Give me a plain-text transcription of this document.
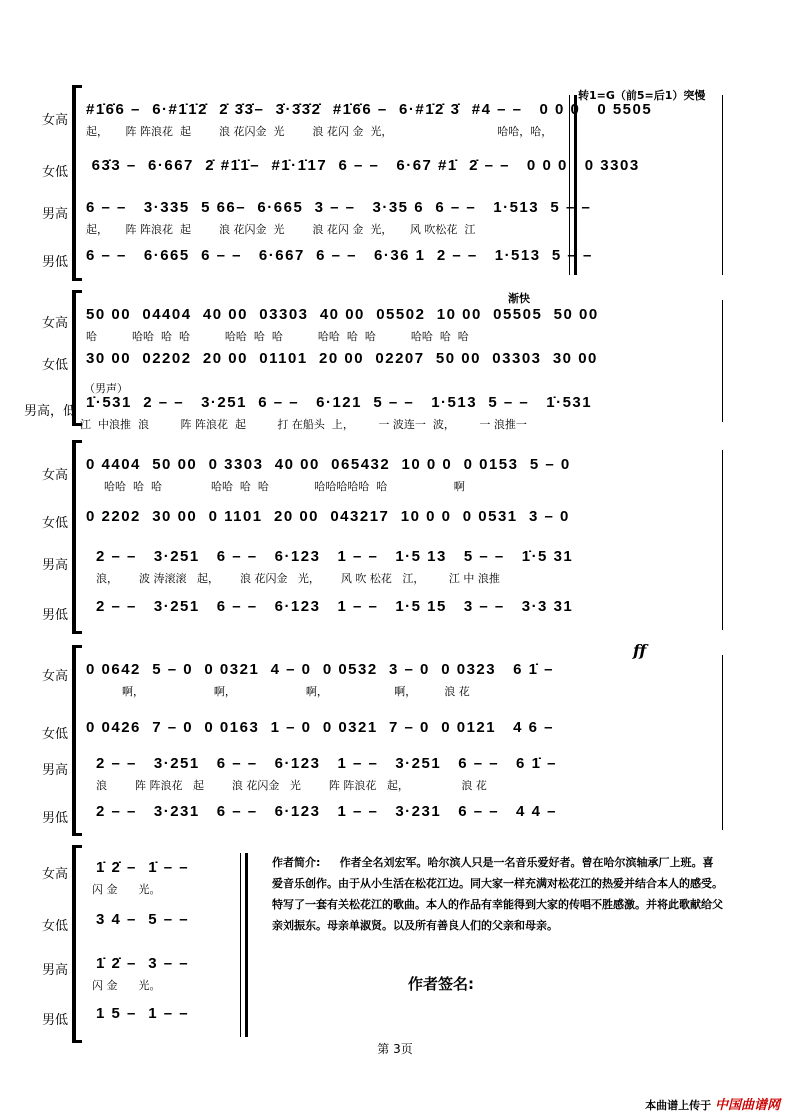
女高
#1̇6̇6 –  6·#1̇1̇2̇  2̇ 3̇3̇–  3̇·3̇3̇2̇  #1̇6̇6 –  6·#1̇2̇ 3̇  #4 – –   0 0 0   0 5505
起，     阵 阵浪花  起        浪 花闪金  光        浪 花闪 金  光，                              哈哈，哈，
女低 63̇3 –  6·667  2̇ #1̇1̇–  #1̇·1̇17  6 – –   6·67 #1̇  2̇ – –   0 0 0   0 3303
男高 6 – –   3·335  5 66–  6·665  3 – –   3·35 6  6 – –   1·513  5 – –
起，     阵 阵浪花  起        浪 花闪金  光        浪 花闪 金  光，     风 吹松花  江
男低 6 – –   6·665  6 – –   6·667  6 – –   6·36 1  2 – –   1·513  5 – –
转1=G（前5=后1）突慢
渐快
女高
50 00  04404  40 00  03303  40 00  05502  10 00  05505  50 00
哈          哈哈  哈  哈          哈哈  哈  哈          哈哈  哈  哈          哈哈  哈  哈
女低 30 00  02202  20 00  01101  20 00  02207  50 00  03303  30 00
（男声）
男高，低
1̇·531  2 – –   3·251  6 – –   6·121  5 – –   1·513  5 – –   1̇·531
江  中浪推  浪         阵 阵浪花  起         打 在船头  上，       一 波连一  波，       一 浪推一
女高
0 4404  50 00  0 3303  40 00  065432  10 0 0  0 0153  5 – 0
哈哈  哈  哈              哈哈  哈  哈             哈哈哈哈哈  哈                   啊
女低 0 2202  30 00  0 1101  20 00  043217  10 0 0  0 0531  3 – 0
男高
2 – –   3·251   6 – –   6·123   1 – –   1·5 13   5 – –   1̇·5 31
浪，      波 涛滚滚   起，      浪 花闪金   光，      风 吹 松花   江，       江 中 浪推
男低
2 – –   3·251   6 – –   6·123   1 – –   1·5 15   3 – –   3·3 31
ff
女高 0 0642  5 – 0  0 0321  4 – 0  0 0532  3 – 0  0 0323   6 1̇ –
啊，                    啊，                    啊，                   啊，        浪 花
女低 0 0426  7 – 0  0 0163  1 – 0  0 0321  7 – 0  0 0121   4 6 –
男高 2 – –   3·251   6 – –   6·123   1 – –   3·251   6 – –   6 1̇ –
浪        阵 阵浪花   起        浪 花闪金   光        阵 阵浪花   起，               浪 花
男低 2 – –   3·231   6 – –   6·123   1 – –   3·231   6 – –   4 4 –
女高 1̇ 2̇ –  1̇ – –
闪 金      光。
女低 3 4 –  5 – –
男高 1̇ 2̇ –  3 – –
闪 金      光。
男低 1 5 –  1 – –
作者简介: 作者全名刘宏军。哈尔滨人只是一名音乐爱好者。曾在哈尔滨轴承厂上班。喜爱音乐创作。由于从小生活在松花江边。同大家一样充满对松花江的热爱并结合本人的感受。特写了一套有关松花江的歌曲。本人的作品有幸能得到大家的传唱不胜感激。并将此歌献给父亲刘振东。母亲单淑贤。以及所有善良人们的父亲和母亲。
作者签名:
第 3页
本曲谱上传于 中国曲谱网
